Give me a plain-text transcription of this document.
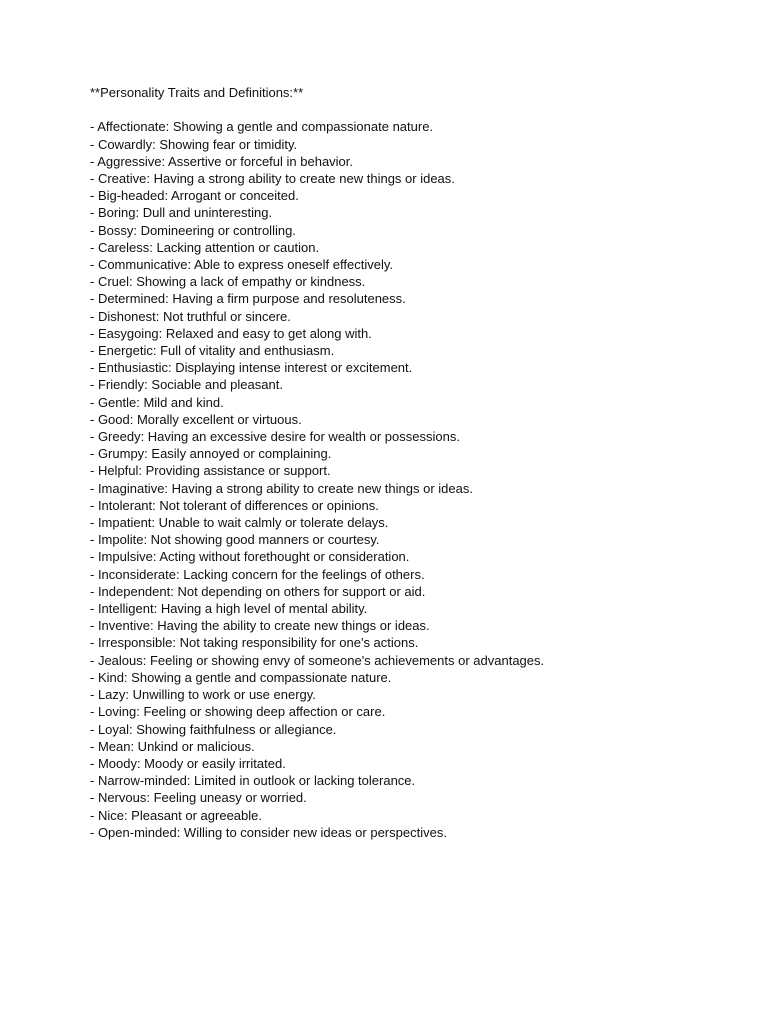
**Personality Traits and Definitions:**
- Affectionate: Showing a gentle and compassionate nature.
- Cowardly: Showing fear or timidity.
- Aggressive: Assertive or forceful in behavior.
- Creative: Having a strong ability to create new things or ideas.
- Big-headed: Arrogant or conceited.
- Boring: Dull and uninteresting.
- Bossy: Domineering or controlling.
- Careless: Lacking attention or caution.
- Communicative: Able to express oneself effectively.
- Cruel: Showing a lack of empathy or kindness.
- Determined: Having a firm purpose and resoluteness.
- Dishonest: Not truthful or sincere.
- Easygoing: Relaxed and easy to get along with.
- Energetic: Full of vitality and enthusiasm.
- Enthusiastic: Displaying intense interest or excitement.
- Friendly: Sociable and pleasant.
- Gentle: Mild and kind.
- Good: Morally excellent or virtuous.
- Greedy: Having an excessive desire for wealth or possessions.
- Grumpy: Easily annoyed or complaining.
- Helpful: Providing assistance or support.
- Imaginative: Having a strong ability to create new things or ideas.
- Intolerant: Not tolerant of differences or opinions.
- Impatient: Unable to wait calmly or tolerate delays.
- Impolite: Not showing good manners or courtesy.
- Impulsive: Acting without forethought or consideration.
- Inconsiderate: Lacking concern for the feelings of others.
- Independent: Not depending on others for support or aid.
- Intelligent: Having a high level of mental ability.
- Inventive: Having the ability to create new things or ideas.
- Irresponsible: Not taking responsibility for one's actions.
- Jealous: Feeling or showing envy of someone's achievements or advantages.
- Kind: Showing a gentle and compassionate nature.
- Lazy: Unwilling to work or use energy.
- Loving: Feeling or showing deep affection or care.
- Loyal: Showing faithfulness or allegiance.
- Mean: Unkind or malicious.
- Moody: Moody or easily irritated.
- Narrow-minded: Limited in outlook or lacking tolerance.
- Nervous: Feeling uneasy or worried.
- Nice: Pleasant or agreeable.
- Open-minded: Willing to consider new ideas or perspectives.
